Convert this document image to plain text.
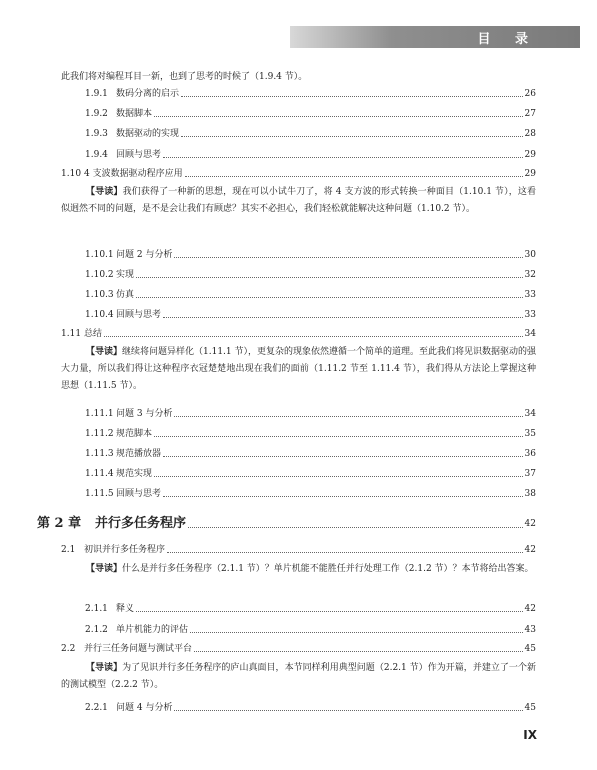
目 录
此我们将对编程耳目一新，也到了思考的时候了（1.9.4 节）。
1.9.1 数码分离的启示	26
1.9.2 数据脚本	27
1.9.3 数据驱动的实现	28
1.9.4 回顾与思考	29
1.10 4 支波数据驱动程序应用	29
【导读】我们获得了一种新的思想，现在可以小试牛刀了，将 4 支方波的形式转换一种面目（1.10.1 节），这看似迥然不同的问题，是不是会让我们有顾虑？其实不必担心，我们轻松就能解决这种问题（1.10.2 节）。
1.10.1 问题 2 与分析	30
1.10.2 实现	32
1.10.3 仿真	33
1.10.4 回顾与思考	33
1.11 总结	34
【导读】继续将问题异样化（1.11.1 节），更复杂的现象依然遵循一个简单的道理。至此我们将见识数据驱动的强大力量，所以我们得让这种程序衣冠楚楚地出现在我们的面前（1.11.2 节至 1.11.4 节），我们得从方法论上掌握这种思想（1.11.5 节）。
1.11.1 问题 3 与分析	34
1.11.2 规范脚本	35
1.11.3 规范播放器	36
1.11.4 规范实现	37
1.11.5 回顾与思考	38
第 2 章	并行多任务程序	42
2.1 初识并行多任务程序	42
【导读】什么是并行多任务程序（2.1.1 节）？单片机能不能胜任并行处理工作（2.1.2 节）？本节将给出答案。
2.1.1 释义	42
2.1.2 单片机能力的评估	43
2.2 并行三任务问题与测试平台	45
【导读】为了见识并行多任务程序的庐山真面目，本节同样利用典型问题（2.2.1 节）作为开篇，并建立了一个新的测试模型（2.2.2 节）。
2.2.1 问题 4 与分析	45
IX
